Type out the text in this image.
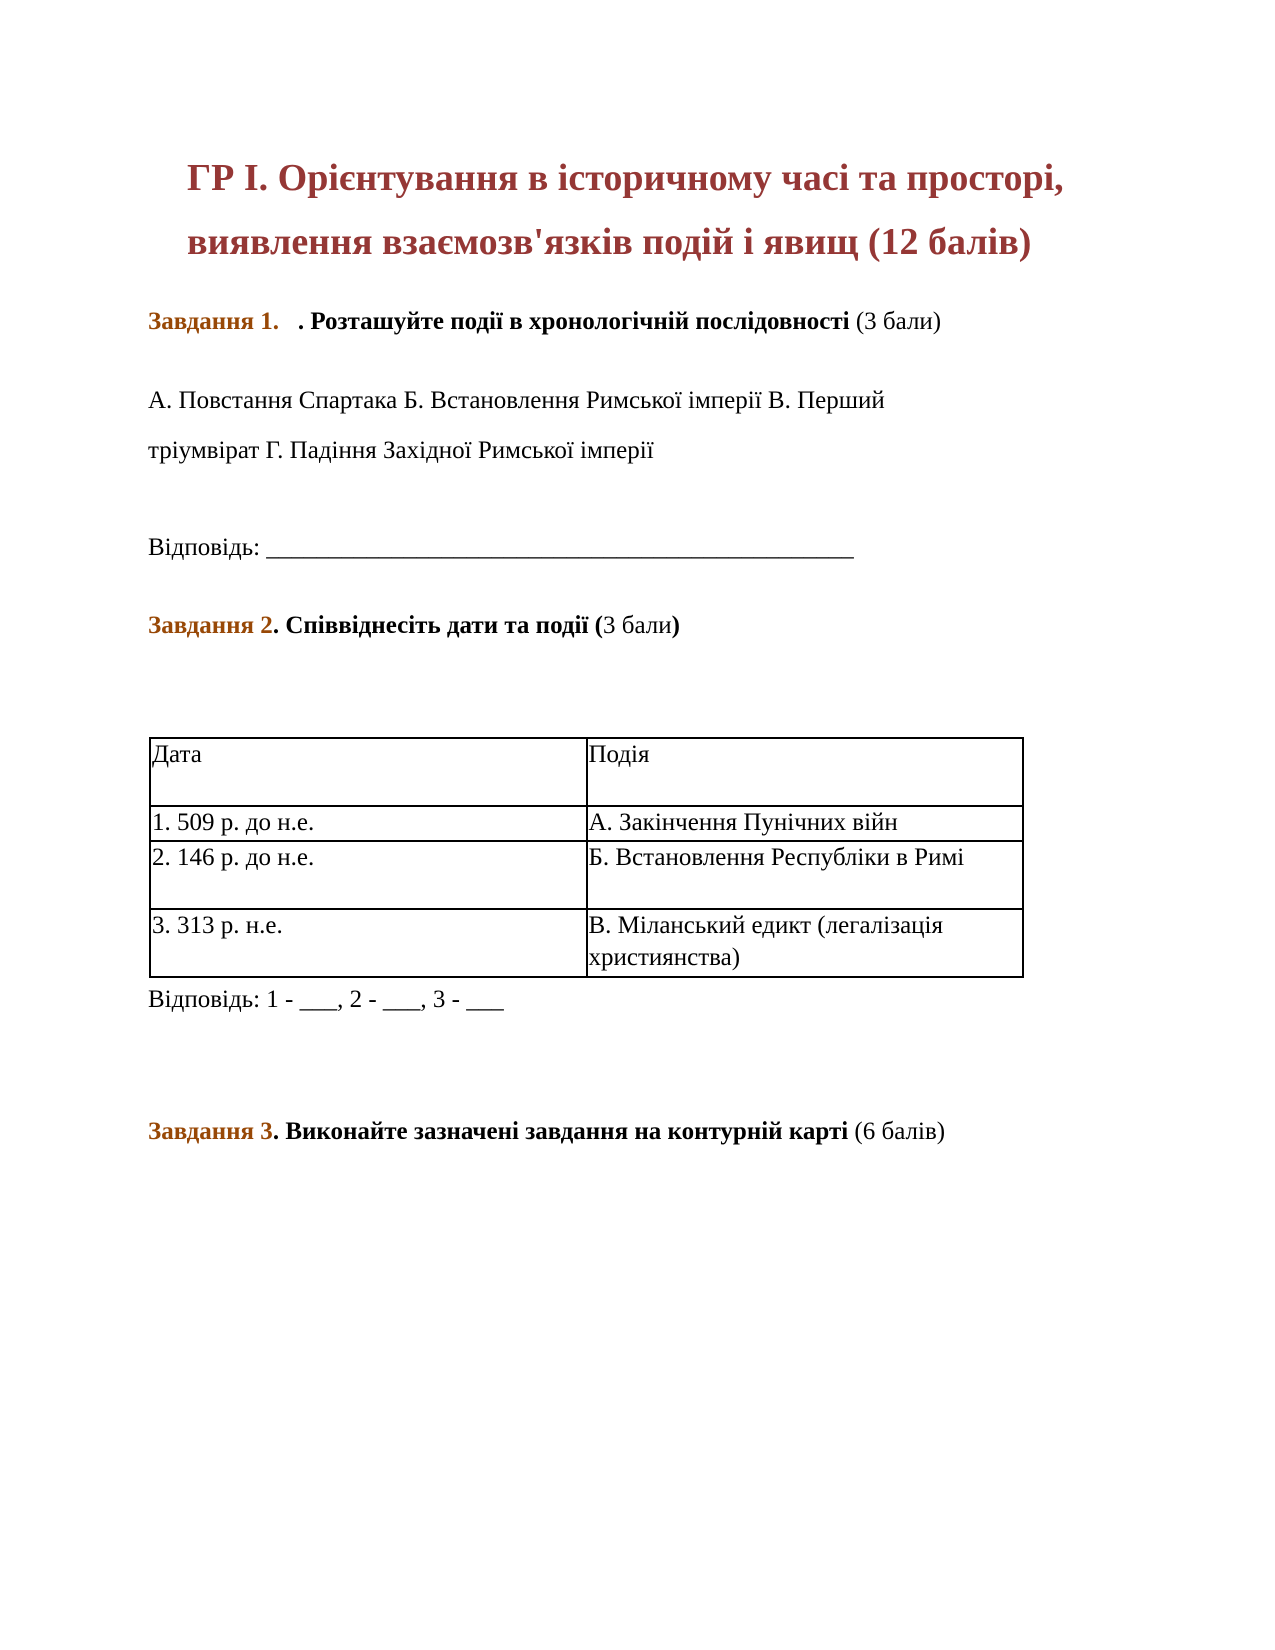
ГР І. Орієнтування в історичному часі та просторі,
виявлення взаємозв'язків подій і явищ (12 балів)
Завдання 1. . Розташуйте події в хронологічній послідовності (3 бали)
А. Повстання Спартака Б. Встановлення Римської імперії В. Перший
тріумвірат Г. Падіння Західної Римської імперії
Відповідь: _______________________________________________
Завдання 2. Співвіднесіть дати та події (3 бали)
Дата	Подія
1. 509 р. до н.е.	А. Закінчення Пунічних війн
2. 146 р. до н.е.	Б. Встановлення Республіки в Римі
3. 313 р. н.е.	В. Міланський едикт (легалізація християнства)
Відповідь: 1 - ___, 2 - ___, 3 - ___
Завдання 3. Виконайте зазначені завдання на контурній карті (6 балів)
